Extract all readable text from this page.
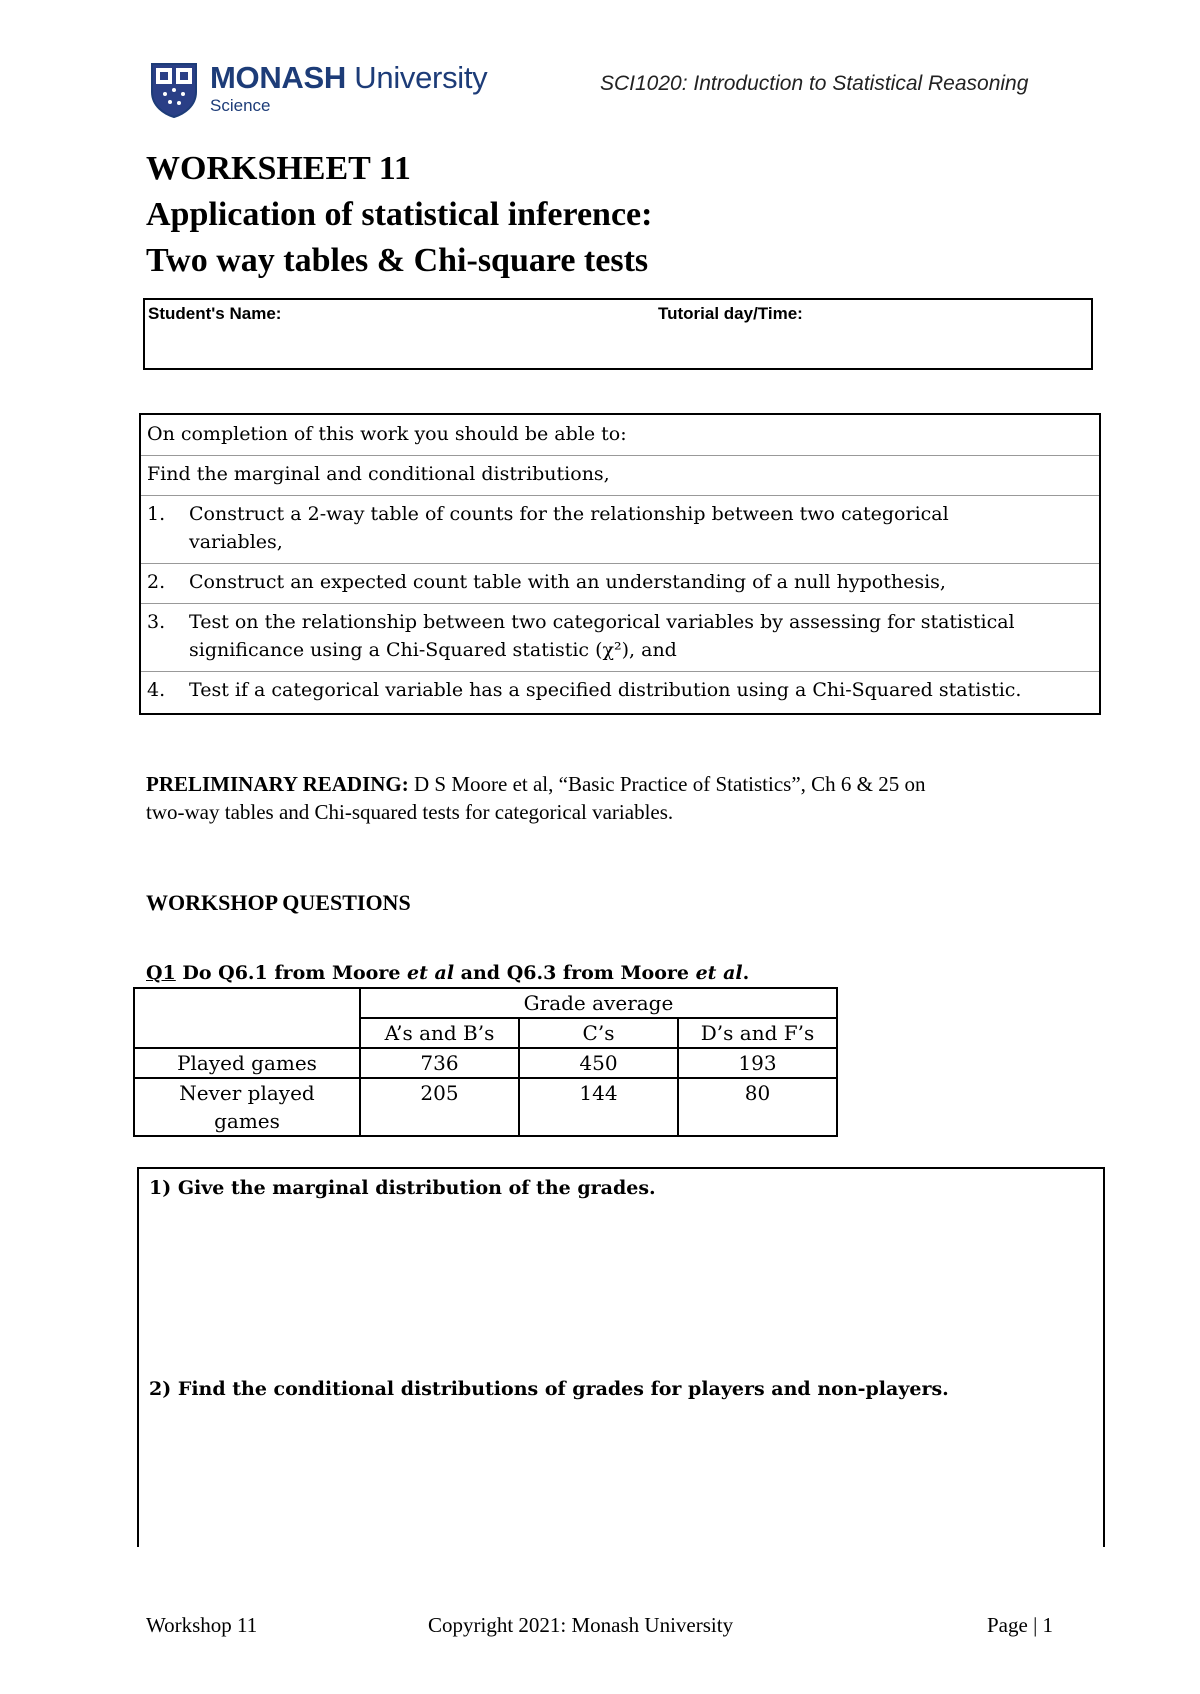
MONASH University
Science
SCI1020: Introduction to Statistical Reasoning
WORKSHEET 11
Application of statistical inference:
Two way tables & Chi-square tests
Student's Name:	Tutorial day/Time:
On completion of this work you should be able to:
Find the marginal and conditional distributions,
1. Construct a 2-way table of counts for the relationship between two categorical
variables,
2. Construct an expected count table with an understanding of a null hypothesis,
3. Test on the relationship between two categorical variables by assessing for statistical
significance using a Chi-Squared statistic (χ²), and
4. Test if a categorical variable has a specified distribution using a Chi-Squared statistic.
PRELIMINARY READING: D S Moore et al, “Basic Practice of Statistics”, Ch 6 & 25 on
two-way tables and Chi-squared tests for categorical variables.
WORKSHOP QUESTIONS
Q1 Do Q6.1 from Moore et al and Q6.3 from Moore et al.
	Grade average		
	A’s and B’s	C’s	D’s and F’s
Played games	736	450	193
Never played games	205	144	80
1) Give the marginal distribution of the grades.
2) Find the conditional distributions of grades for players and non-players.
Workshop 11	Copyright 2021: Monash University	Page | 1
